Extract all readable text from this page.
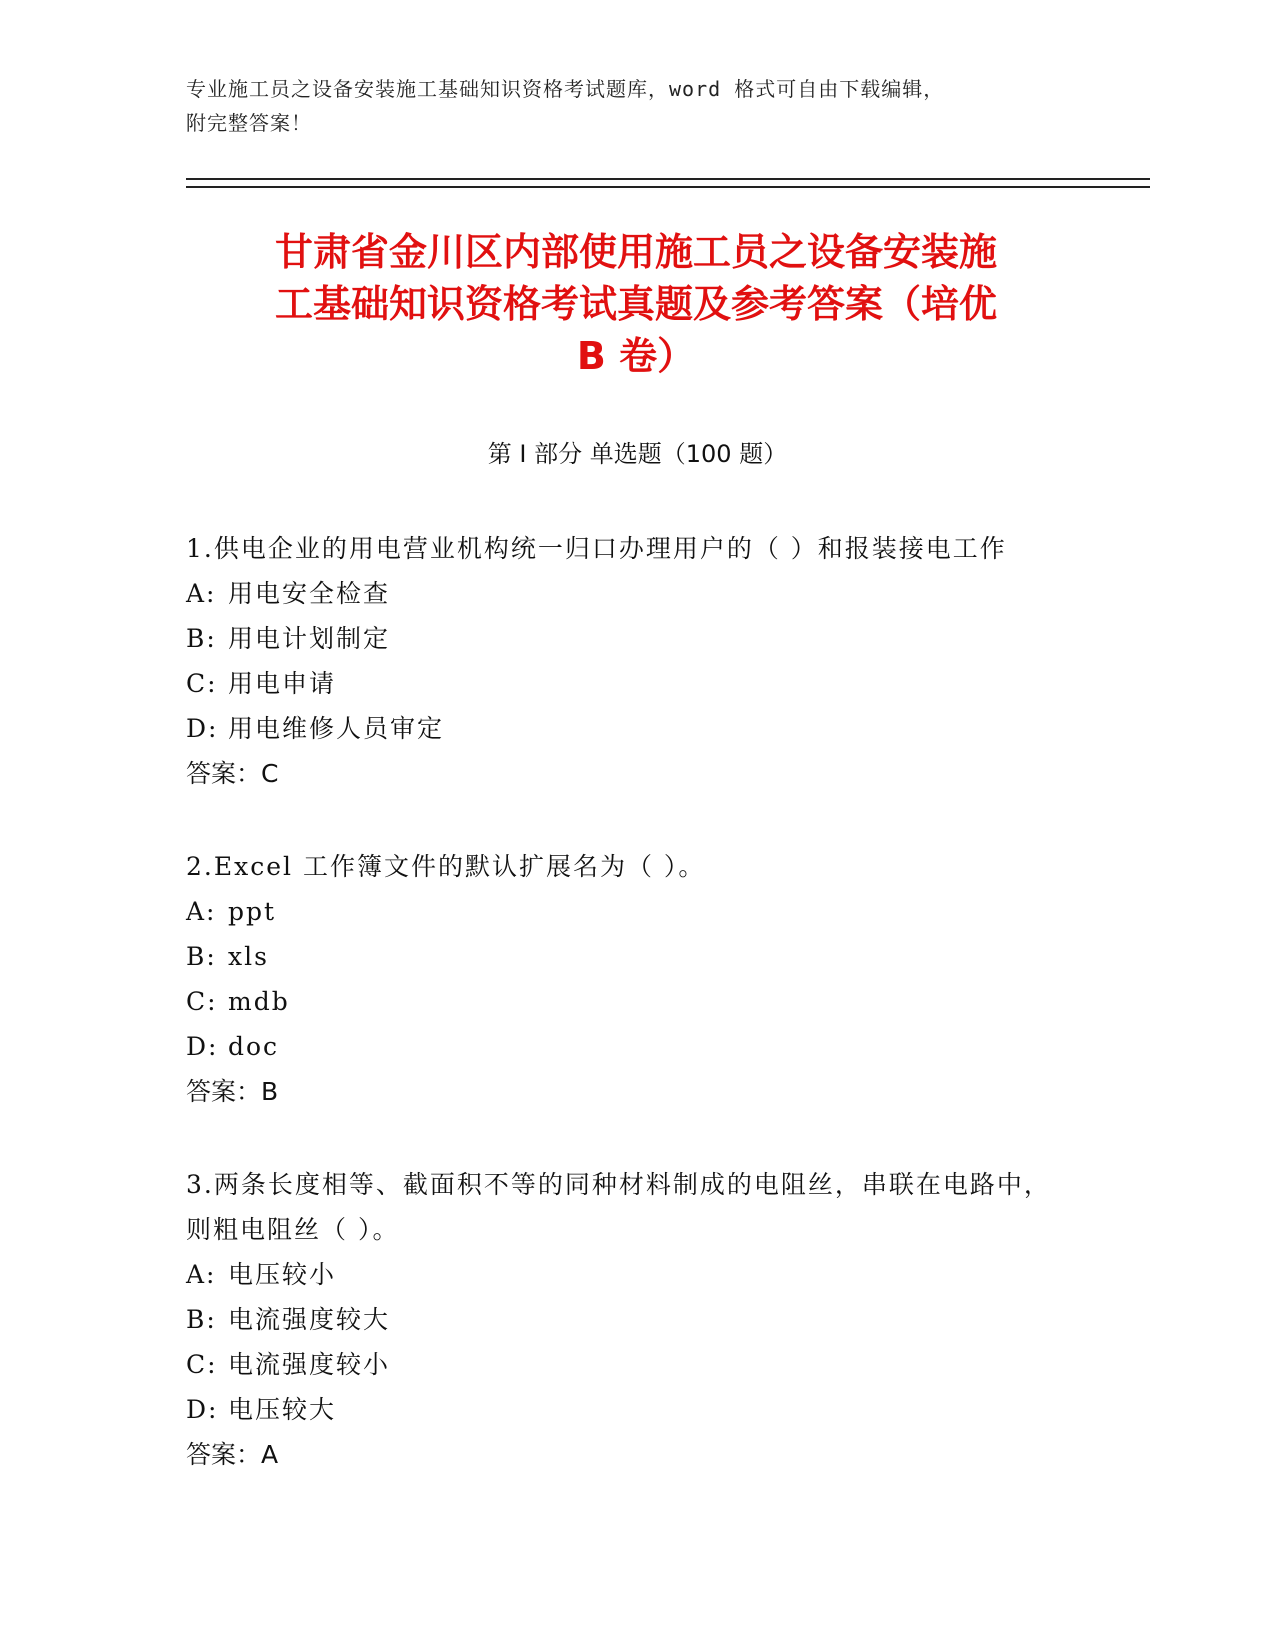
专业施工员之设备安装施工基础知识资格考试题库，word 格式可自由下载编辑，
附完整答案！
甘肃省金川区内部使用施工员之设备安装施
工基础知识资格考试真题及参考答案（培优
B 卷）
第 I 部分 单选题（100 题）
1.供电企业的用电营业机构统一归口办理用户的（ ）和报装接电工作
A: 用电安全检查
B: 用电计划制定
C: 用电申请
D: 用电维修人员审定
答案：C
2.Excel 工作簿文件的默认扩展名为（ ）。
A: ppt
B: xls
C: mdb
D: doc
答案：B
3.两条长度相等、截面积不等的同种材料制成的电阻丝，串联在电路中，则粗电阻丝（ ）。
A: 电压较小
B: 电流强度较大
C: 电流强度较小
D: 电压较大
答案：A
